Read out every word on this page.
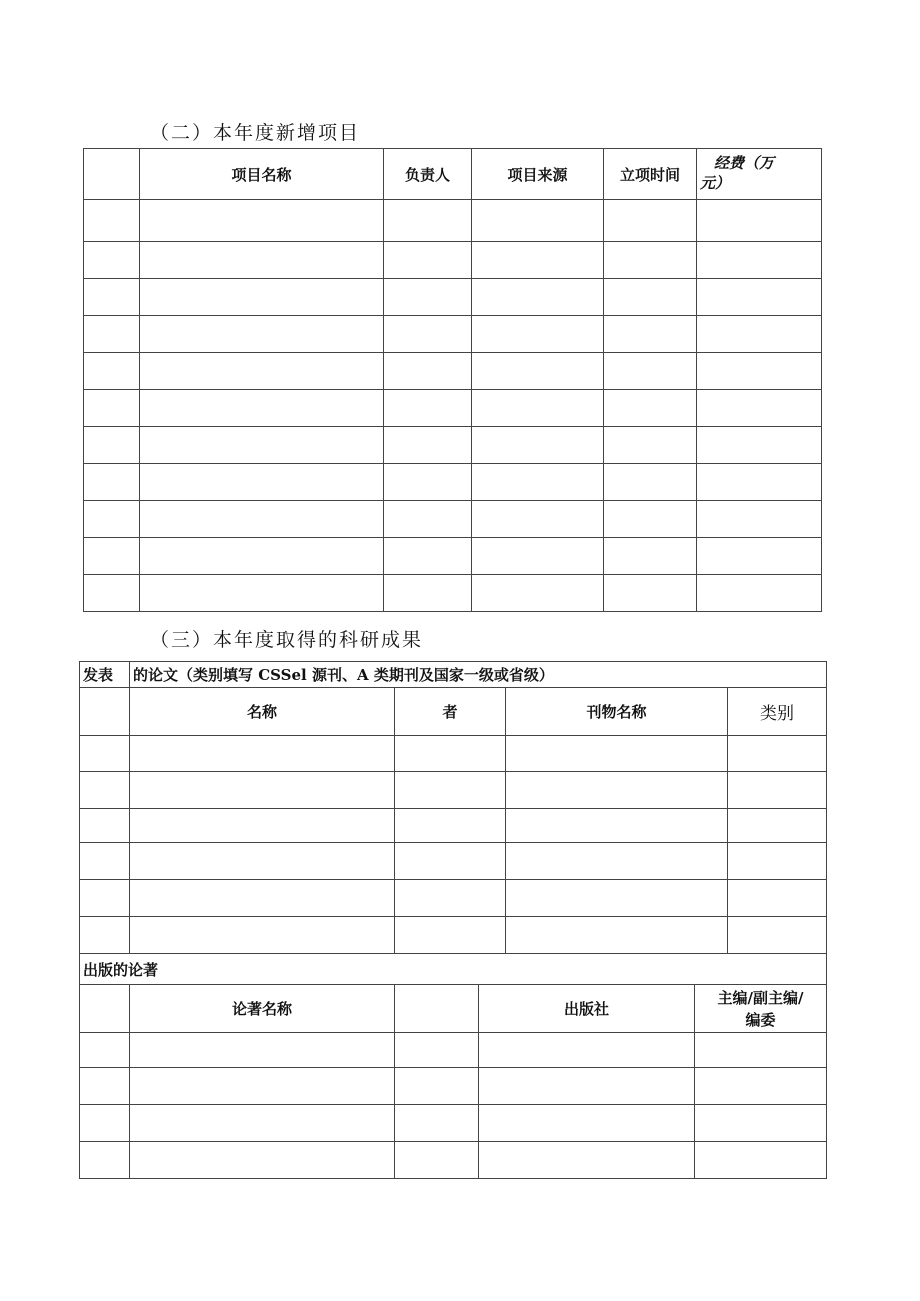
（二）本年度新增项目
	项目名称	负责人	项目来源	立项时间	经费（万
元）

（三）本年度取得的科研成果
发表	的论文（类别填写 CSSel 源刊、A 类期刊及国家一级或省级）			
	名称	者	刊物名称	类别

出版的论著				
	论著名称		出版社	主编/副主编/
编委
